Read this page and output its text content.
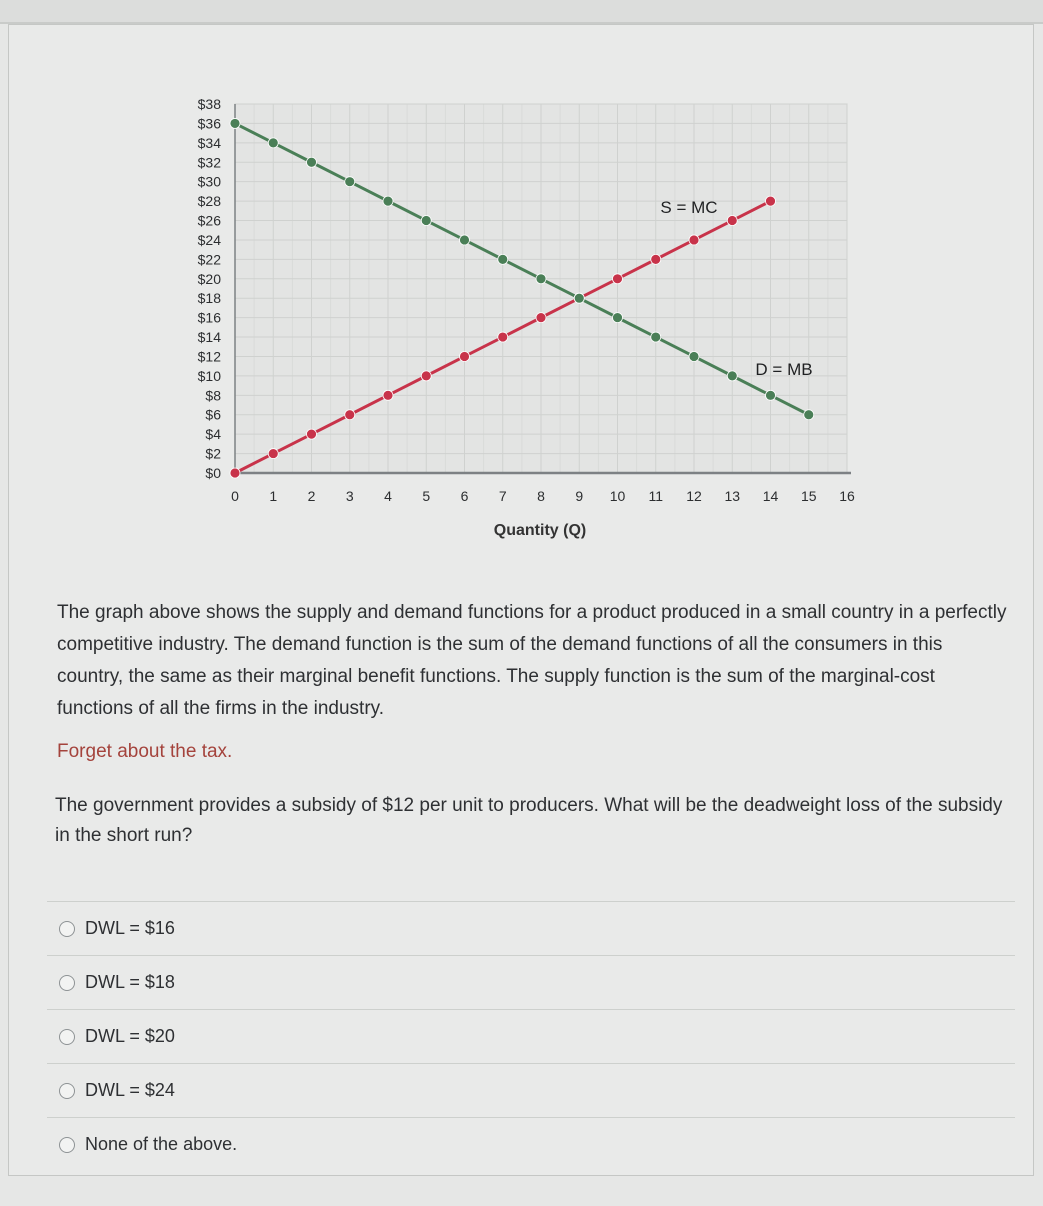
$0
$2
$4
$6
$8
$10
$12
$14
$16
$18
$20
$22
$24
$26
$28
$30
$32
$34
$36
$38
0 1 2 3 4 5 6 7 8 9 10 11 12 13 14 15 16
Quantity (Q)
S = MC
D = MB

The graph above shows the supply and demand functions for a product produced in a small country in a perfectly competitive industry. The demand function is the sum of the demand functions of all the consumers in this country, the same as their marginal benefit functions. The supply function is the sum of the marginal-cost functions of all the firms in the industry.

Forget about the tax.
The government provides a subsidy of $12 per unit to producers. What will be the deadweight loss of the subsidy in the short run?
DWL = $16
DWL = $18
DWL = $20
DWL = $24
None of the above.
